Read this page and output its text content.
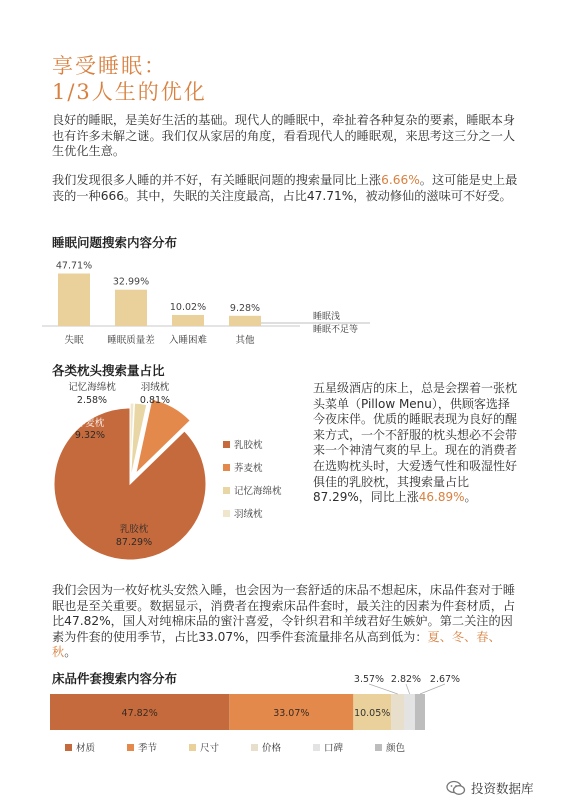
享受睡眠：
1/3人生的优化
良好的睡眠，是美好生活的基础。现代人的睡眠中，牵扯着各种复杂的要素，睡眠本身也有许多未解之谜。我们仅从家居的角度，看看现代人的睡眠观，来思考这三分之一人生优化生意。
我们发现很多人睡的并不好，有关睡眠问题的搜索量同比上涨6.66%。这可能是史上最丧的一种666。其中，失眠的关注度最高，占比47.71%，被动修仙的滋味可不好受。
睡眠问题搜索内容分布
47.71%
失眠
32.99%
睡眠质量差
10.02%
入睡困难
9.28%
其他
睡眠浅
睡眠不足等
各类枕头搜索量占比
乳胶枕
87.29%
荞麦枕
9.32%
记忆海绵枕
2.58%
羽绒枕
0.81%
乳胶枕
荞麦枕
记忆海绵枕
羽绒枕
五星级酒店的床上，总是会摆着一张枕头菜单（Pillow Menu），供顾客选择今夜床伴。优质的睡眠表现为良好的醒来方式，一个不舒服的枕头想必不会带来一个神清气爽的早上。现在的消费者在选购枕头时，大爱透气性和吸湿性好俱佳的乳胶枕，其搜索量占比87.29%，同比上涨46.89%。
我们会因为一枚好枕头安然入睡，也会因为一套舒适的床品不想起床，床品件套对于睡眠也是至关重要。数据显示，消费者在搜索床品件套时，最关注的因素为件套材质，占比47.82%，国人对纯棉床品的蜜汁喜爱，令针织君和羊绒君好生嫉妒。第二关注的因素为件套的使用季节，占比33.07%，四季件套流量排名从高到低为：夏、冬、春、秋。
床品件套搜索内容分布
47.82%	33.07%	10.05%
3.57% 2.82% 2.67%
材质	季节	尺寸	价格	口碑	颜色
投资数据库
